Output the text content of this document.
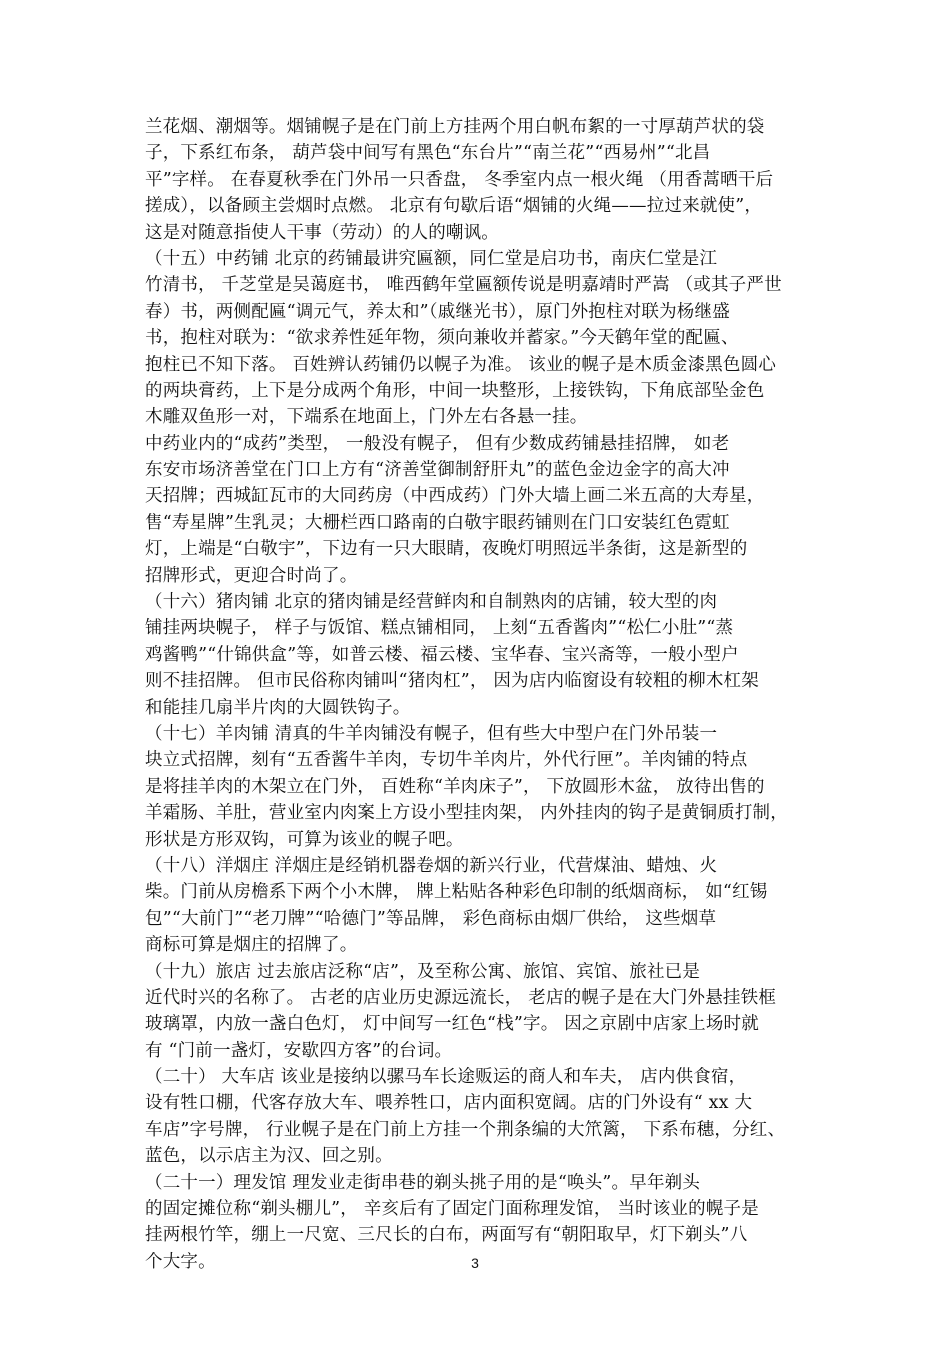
兰花烟、潮烟等。烟铺幌子是在门前上方挂两个用白帆布絮的一寸厚葫芦状的袋
子，下系红布条， 葫芦袋中间写有黑色“东台片”“南兰花”“西易州”“北昌
平”字样。 在春夏秋季在门外吊一只香盘， 冬季室内点一根火绳 （用香蒿晒干后
搓成），以备顾主尝烟时点燃。 北京有句歇后语“烟铺的火绳——拉过来就使”，
这是对随意指使人干事（劳动）的人的嘲讽。
（十五）中药铺 北京的药铺最讲究匾额，同仁堂是启功书，南庆仁堂是江
竹清书， 千芝堂是吴蔼庭书， 唯西鹤年堂匾额传说是明嘉靖时严嵩 （或其子严世
春）书，两侧配匾“调元气，养太和”（戚继光书），原门外抱柱对联为杨继盛
书，抱柱对联为：“欲求养性延年物，须向兼收并蓄家。”今天鹤年堂的配匾、
抱柱已不知下落。 百姓辨认药铺仍以幌子为准。 该业的幌子是木质金漆黑色圆心
的两块膏药，上下是分成两个角形，中间一块整形，上接铁钩，下角底部坠金色
木雕双鱼形一对，下端系在地面上，门外左右各悬一挂。
中药业内的“成药”类型， 一般没有幌子， 但有少数成药铺悬挂招牌， 如老
东安市场济善堂在门口上方有“济善堂御制舒肝丸”的蓝色金边金字的高大冲
天招牌；西城缸瓦市的大同药房（中西成药）门外大墙上画二米五高的大寿星，
售“寿星牌”生乳灵；大栅栏西口路南的白敬宇眼药铺则在门口安装红色霓虹
灯，上端是“白敬宇”，下边有一只大眼睛，夜晚灯明照远半条街，这是新型的
招牌形式，更迎合时尚了。
（十六）猪肉铺 北京的猪肉铺是经营鲜肉和自制熟肉的店铺，较大型的肉
铺挂两块幌子， 样子与饭馆、糕点铺相同， 上刻“五香酱肉”“松仁小肚”“蒸
鸡酱鸭”“什锦供盒”等，如普云楼、福云楼、宝华春、宝兴斋等，一般小型户
则不挂招牌。 但市民俗称肉铺叫“猪肉杠”， 因为店内临窗设有较粗的柳木杠架
和能挂几扇半片肉的大圆铁钩子。
（十七）羊肉铺 清真的牛羊肉铺没有幌子，但有些大中型户在门外吊装一
块立式招牌，刻有“五香酱牛羊肉，专切牛羊肉片，外代行匣”。羊肉铺的特点
是将挂羊肉的木架立在门外， 百姓称“羊肉床子”， 下放圆形木盆， 放待出售的
羊霜肠、羊肚，营业室内肉案上方设小型挂肉架， 内外挂肉的钩子是黄铜质打制，
形状是方形双钩，可算为该业的幌子吧。
（十八）洋烟庄 洋烟庄是经销机器卷烟的新兴行业，代营煤油、蜡烛、火
柴。门前从房檐系下两个小木牌， 牌上粘贴各种彩色印制的纸烟商标， 如“红锡
包”“大前门”“老刀牌”“哈德门”等品牌， 彩色商标由烟厂供给， 这些烟草
商标可算是烟庄的招牌了。
（十九）旅店 过去旅店泛称“店”，及至称公寓、旅馆、宾馆、旅社已是
近代时兴的名称了。 古老的店业历史源远流长， 老店的幌子是在大门外悬挂铁框
玻璃罩，内放一盏白色灯， 灯中间写一红色“栈”字。 因之京剧中店家上场时就
有 “门前一盏灯，安歇四方客”的台词。
（二十） 大车店 该业是接纳以骡马车长途贩运的商人和车夫， 店内供食宿，
设有牲口棚，代客存放大车、喂养牲口，店内面积宽阔。店的门外设有“ xx 大
车店”字号牌， 行业幌子是在门前上方挂一个荆条编的大笊篱， 下系布穗，分红、
蓝色，以示店主为汉、回之别。
（二十一）理发馆 理发业走街串巷的剃头挑子用的是“唤头”。早年剃头
的固定摊位称“剃头棚儿”， 辛亥后有了固定门面称理发馆， 当时该业的幌子是
挂两根竹竿，绷上一尺宽、三尺长的白布，两面写有“朝阳取早，灯下剃头”八
个大字。	3
